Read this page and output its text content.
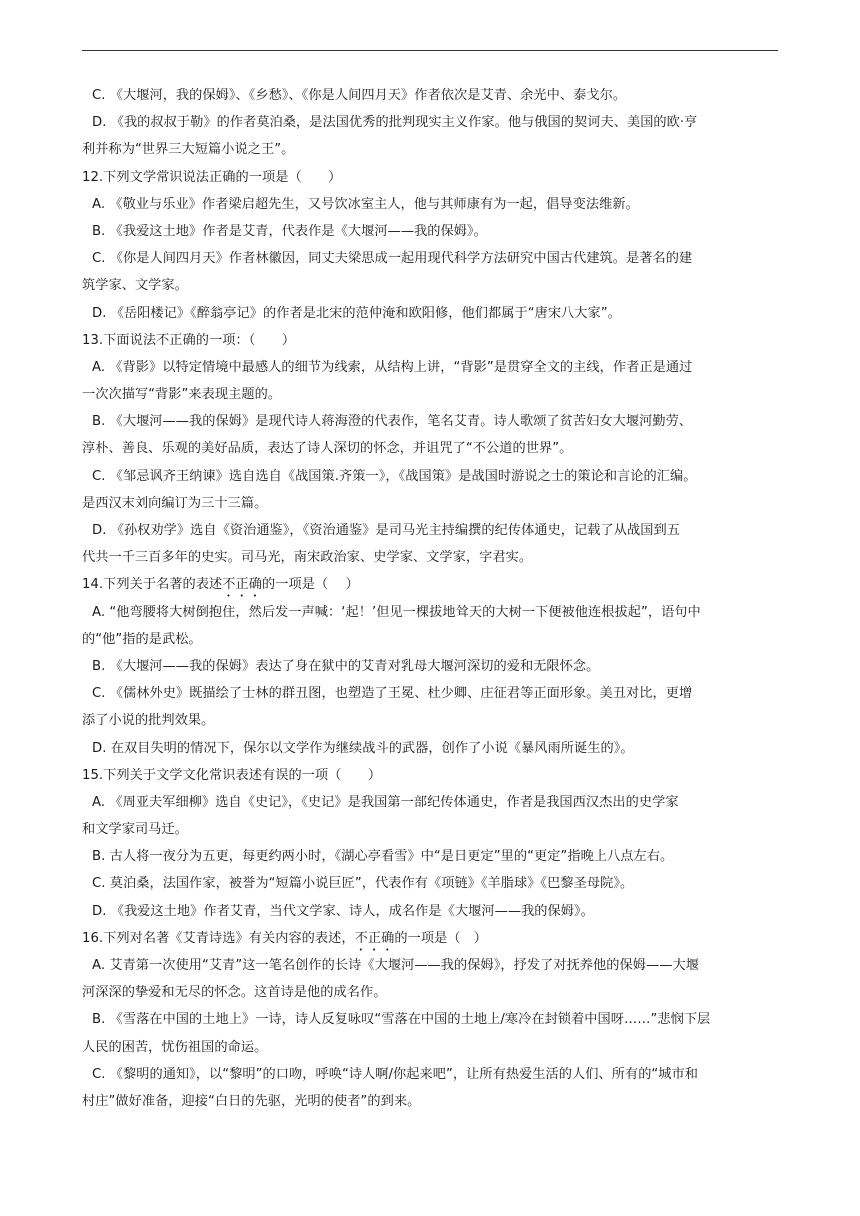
C. 《大堰河，我的保姆》、《乡愁》、《你是人间四月天》作者依次是艾青、余光中、泰戈尔。
D. 《我的叔叔于勒》的作者莫泊桑，是法国优秀的批判现实主义作家。他与俄国的契诃夫、美国的欧·亨
利并称为“世界三大短篇小说之王”。
12.下列文学常识说法正确的一项是（　　）
A. 《敬业与乐业》作者梁启超先生，又号饮冰室主人，他与其师康有为一起，倡导变法维新。
B. 《我爱这土地》作者是艾青，代表作是《大堰河——我的保姆》。
C. 《你是人间四月天》作者林徽因，同丈夫梁思成一起用现代科学方法研究中国古代建筑。是著名的建
筑学家、文学家。
D. 《岳阳楼记》《醉翁亭记》的作者是北宋的范仲淹和欧阳修，他们都属于“唐宋八大家”。
13.下面说法不正确的一项：（　　）
A. 《背影》以特定情境中最感人的细节为线索，从结构上讲，“背影”是贯穿全文的主线，作者正是通过
一次次描写“背影”来表现主题的。
B. 《大堰河——我的保姆》是现代诗人蒋海澄的代表作，笔名艾青。诗人歌颂了贫苦妇女大堰河勤劳、
淳朴、善良、乐观的美好品质，表达了诗人深切的怀念，并诅咒了“不公道的世界”。
C. 《邹忌讽齐王纳谏》选自选自《战国策.齐策一》，《战国策》是战国时游说之士的策论和言论的汇编。
是西汉末刘向编订为三十三篇。
D. 《孙权劝学》选自《资治通鉴》，《资治通鉴》是司马光主持编撰的纪传体通史，记载了从战国到五
代共一千三百多年的史实。司马光，南宋政治家、史学家、文学家，字君实。
14.下列关于名著的表述不正确的一项是（　 ）
A. “他弯腰将大树倒抱住，然后发一声喊：‘起！’但见一棵拔地耸天的大树一下便被他连根拔起”，语句中
的“他”指的是武松。
B. 《大堰河——我的保姆》表达了身在狱中的艾青对乳母大堰河深切的爱和无限怀念。
C. 《儒林外史》既描绘了士林的群丑图，也塑造了王冕、杜少卿、庄征君等正面形象。美丑对比，更增
添了小说的批判效果。
D. 在双目失明的情况下，保尔以文学作为继续战斗的武器，创作了小说《暴风雨所诞生的》。
15.下列关于文学文化常识表述有误的一项（　　）
A. 《周亚夫军细柳》选自《史记》，《史记》是我国第一部纪传体通史，作者是我国西汉杰出的史学家
和文学家司马迁。
B. 古人将一夜分为五更，每更约两小时，《湖心亭看雪》中“是日更定”里的“更定”指晚上八点左右。
C. 莫泊桑，法国作家，被誉为“短篇小说巨匠”，代表作有《项链》《羊脂球》《巴黎圣母院》。
D. 《我爱这土地》作者艾青，当代文学家、诗人，成名作是《大堰河——我的保姆》。
16.下列对名著《艾青诗选》有关内容的表述，不正确的一项是（　）
A. 艾青第一次使用“艾青”这一笔名创作的长诗《大堰河——我的保姆》，抒发了对抚养他的保姆——大堰
河深深的挚爱和无尽的怀念。这首诗是他的成名作。
B. 《雪落在中国的土地上》一诗，诗人反复咏叹“雪落在中国的土地上/寒冷在封锁着中国呀……”悲悯下层
人民的困苦，忧伤祖国的命运。
C. 《黎明的通知》，以“黎明”的口吻，呼唤“诗人啊/你起来吧”，让所有热爱生活的人们、所有的“城市和
村庄”做好准备，迎接“白日的先驱，光明的使者”的到来。
